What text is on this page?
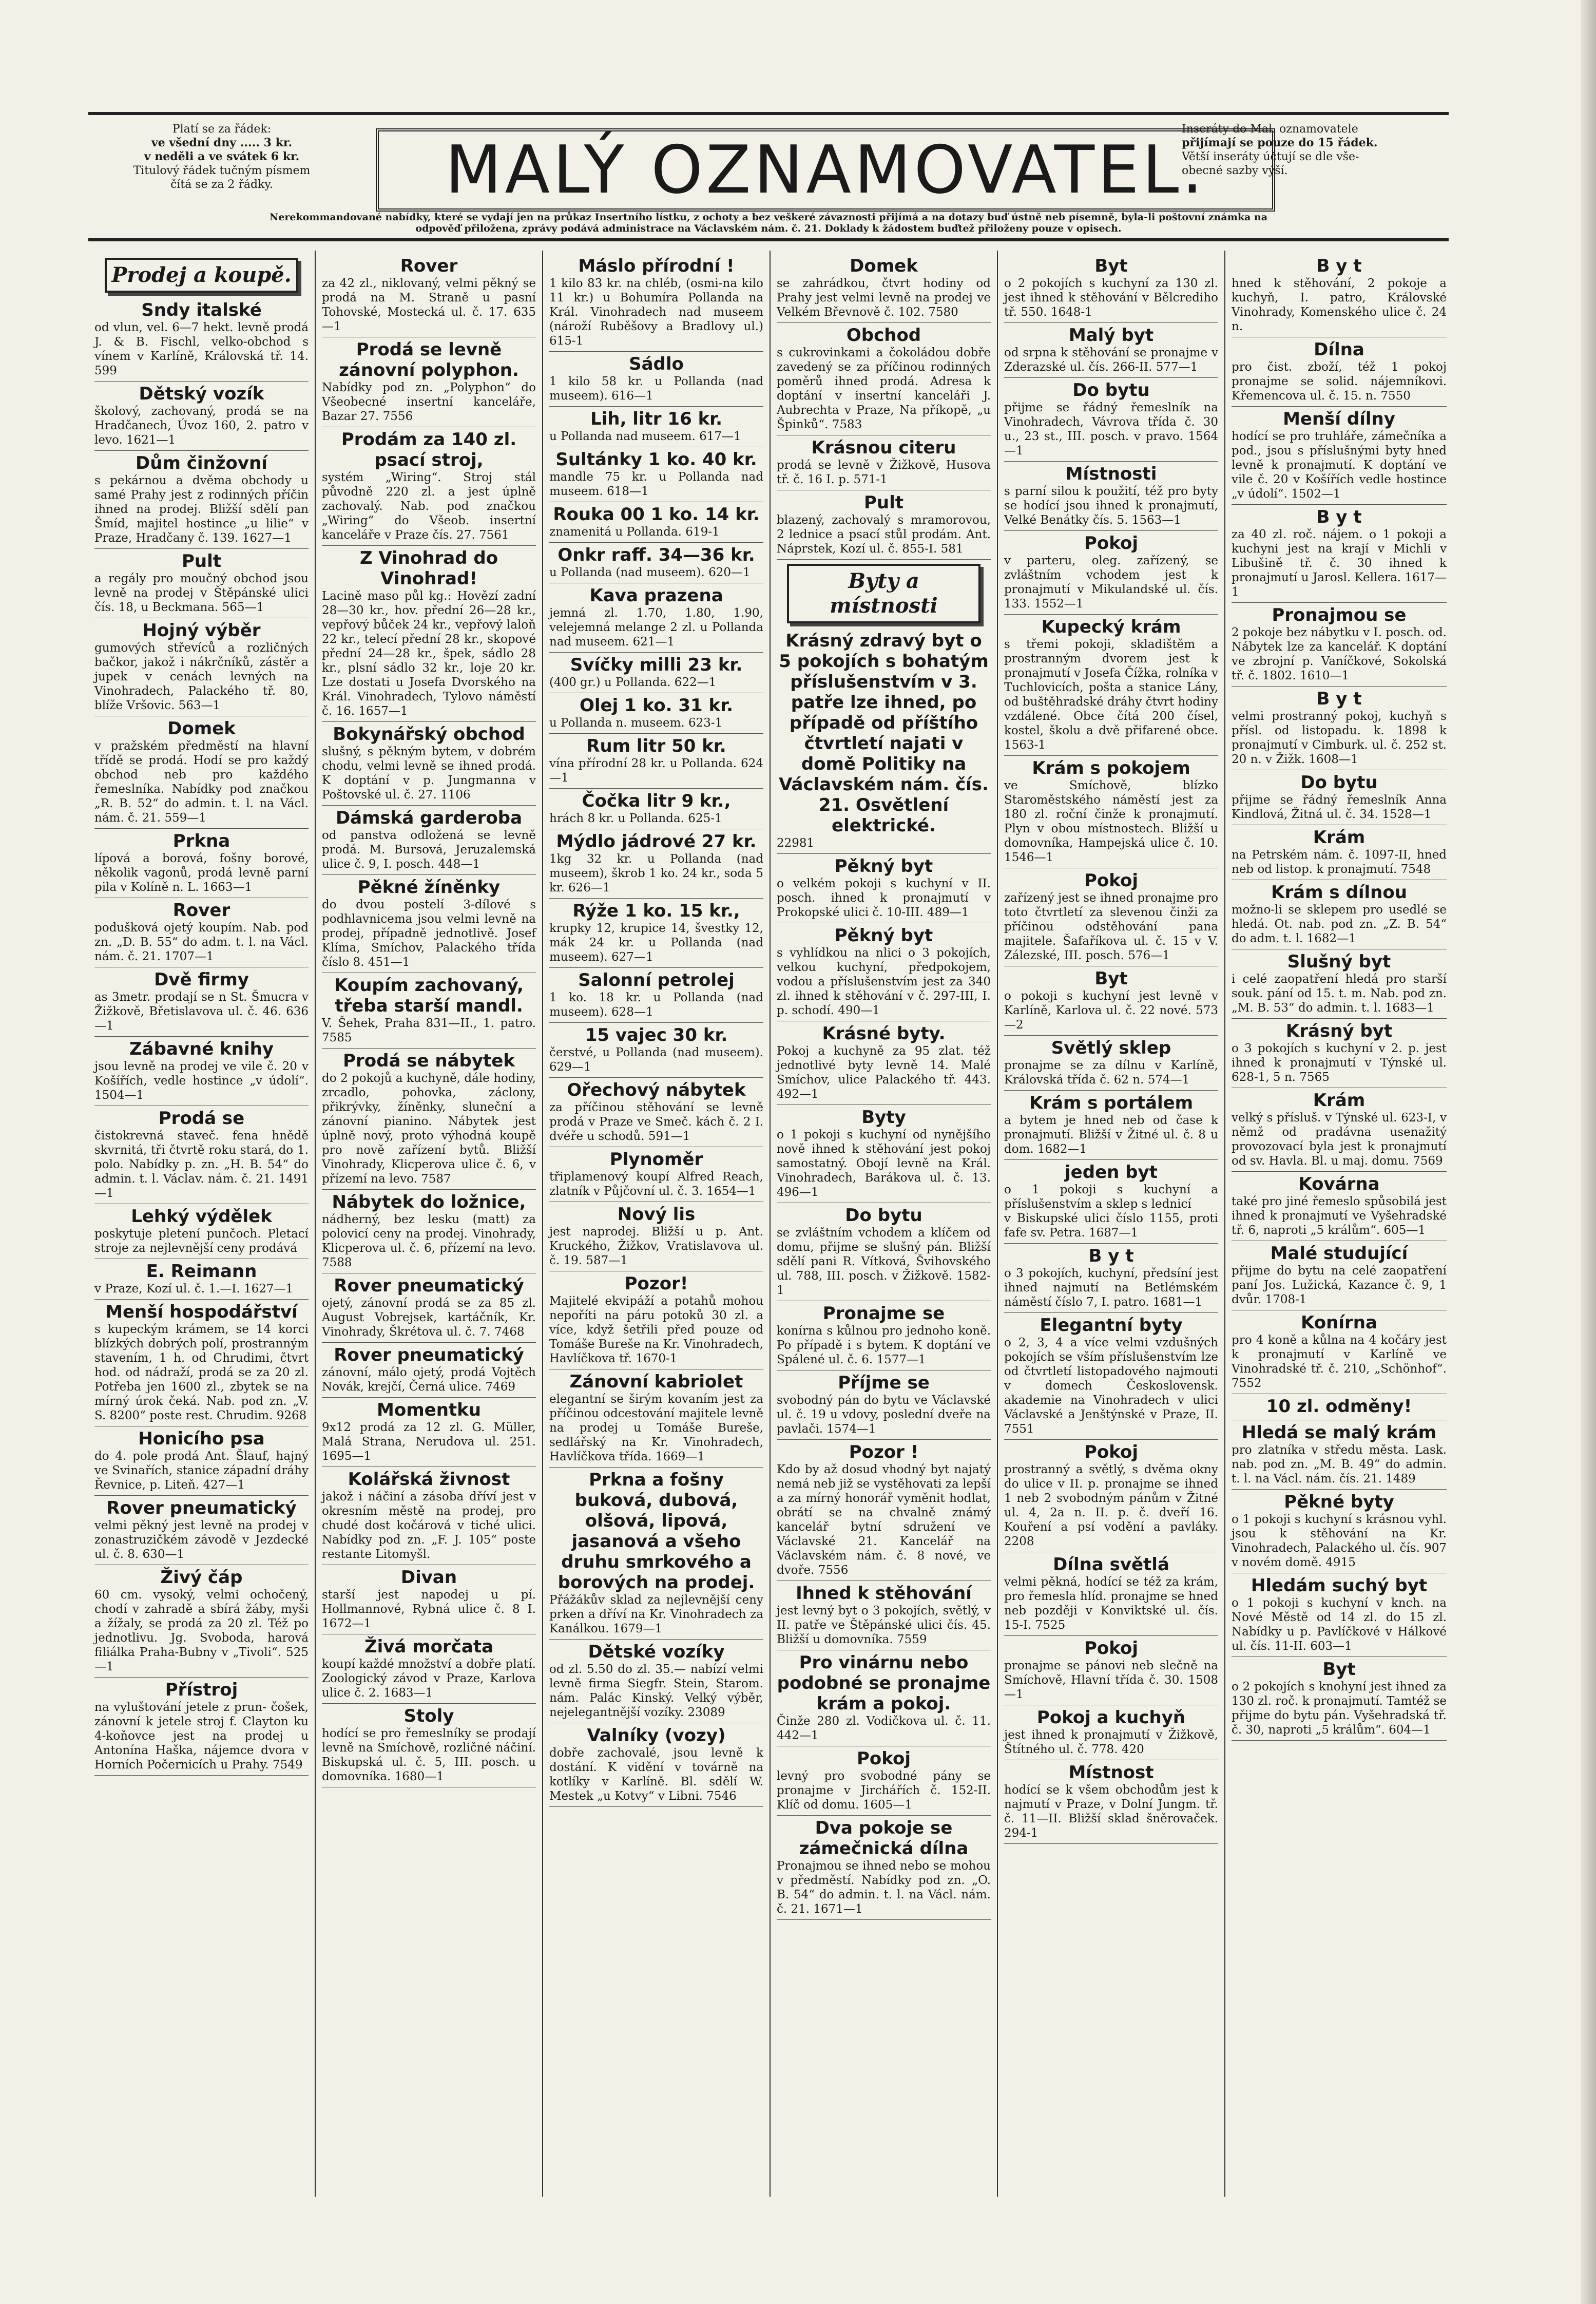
Platí se za řádek:
ve všední dny ..... 3 kr.
v neděli a ve svátek 6 kr.
Titulový řádek tučným písmem
čítá se za 2 řádky.	MALÝ OZNAMOVATEL.
Inseráty do Mal. oznamovatele
přijímají se pouze do 15 řádek.
Větší inseráty účtují se dle vše-
obecné sazby výší.
Nerekommandované nabídky, které se vydají jen na průkaz Insertního lístku, z ochoty a bez veškeré závaznosti přijímá a na dotazy buď ústně neb písemně, byla-li poštovní známka na
odpověď přiložena, zprávy podává administrace na Václavském nám. č. 21. Doklady k žádostem buďtež přiloženy pouze v opisech.
Prodej a koupě.
Sndy italské
od vlun, vel. 6—7 hekt. levně prodá J. & B. Fischl, velko-obchod s vínem v Karlíně, Královská tř. 14. 599
Dětský vozík
školový, zachovaný, prodá se na Hradčanech, Úvoz 160, 2. patro v levo. 1621—1
Dům činžovní
s pekárnou a dvěma obchody u samé Prahy jest z rodinných příčin ihned na prodej. Bližší sdělí pan Šmíd, majitel hostince „u lilie“ v Praze, Hradčany č. 139. 1627—1
Pult
a regály pro moučný obchod jsou levně na prodej v Štěpánské ulici čís. 18, u Beckmana. 565—1
Hojný výběr
gumových střevíců a rozličných bačkor, jakož i nákrčníků, zástěr a jupek v cenách levných na Vinohradech, Palackého tř. 80, blíže Vršovic. 563—1
Domek
v pražském předměstí na hlavní třídě se prodá. Hodí se pro každý obchod neb pro každého řemeslníka. Nabídky pod značkou „R. B. 52“ do admin. t. l. na Václ. nám. č. 21. 559—1
Prkna
lípová a borová, fošny borové, několik vagonů, prodá levně parní pila v Kolíně n. L. 1663—1
Rover
podušková ojetý koupím. Nab. pod zn. „D. B. 55“ do adm. t. l. na Václ. nám. č. 21. 1707—1
Dvě firmy
as 3metr. prodají se n St. Šmucra v Žižkově, Břetislavova ul. č. 46. 636—1
Zábavné knihy
jsou levně na prodej ve vile č. 20 v Košířích, vedle hostince „v údolí“. 1504—1
Prodá se
čistokrevná staveč. fena hnědě skvrnitá, tři čtvrtě roku stará, do 1. polo. Nabídky p. zn. „H. B. 54“ do admin. t. l. Václav. nám. č. 21. 1491—1
Lehký výdělek
poskytuje pletení punčoch. Pletací stroje za nejlevnější ceny prodává
E. Reimann
v Praze, Kozí ul. č. 1.—I. 1627—1
Menší hospodářství
s kupeckým krámem, se 14 korci blízkých dobrých polí, prostranným stavením, 1 h. od Chrudimi, čtvrt hod. od nádraží, prodá se za 20 zl. Potřeba jen 1600 zl., zbytek se na mírný úrok čeká. Nab. pod zn. „V. S. 8200“ poste rest. Chrudim. 9268
Honicího psa
do 4. pole prodá Ant. Šlauf, hajný ve Svinařích, stanice západní dráhy Řevnice, p. Liteň. 427—1
Rover pneumatický
velmi pěkný jest levně na prodej v zonastruzičkém závodě v Jezdecké ul. č. 8. 630—1
Živý čáp
60 cm. vysoký, velmi ochočený, chodí v zahradě a sbírá žáby, myši a žížaly, se prodá za 20 zl. Též po jednotlivu. Jg. Svoboda, harová filiálka Praha-Bubny v „Tivoli“. 525—1
Přístroj
na vyluštování jetele z prun- čošek, zánovní k jetele stroj f. Clayton ku 4-koňovce jest na prodej u Antonína Haška, nájemce dvora v Horních Počernicích u Prahy. 7549
Rover
za 42 zl., niklovaný, velmi pěkný se prodá na M. Straně u pasní Tohovské, Mostecká ul. č. 17. 635—1
Prodá se levně zánovní polyphon.
Nabídky pod zn. „Polyphon“ do Všeobecné insertní kanceláře, Bazar 27. 7556
Prodám za 140 zl. psací stroj,
systém „Wiring“. Stroj stál původně 220 zl. a jest úplně zachovalý. Nab. pod značkou „Wiring“ do Všeob. insertní kanceláře v Praze čís. 27. 7561
Z Vinohrad do Vinohrad!
Lacině maso půl kg.: Hovězí zadní 28—30 kr., hov. přední 26—28 kr., vepřový bůček 24 kr., vepřový laloň 22 kr., telecí přední 28 kr., skopové přední 24—28 kr., špek, sádlo 28 kr., plsní sádlo 32 kr., loje 20 kr. Lze dostati u Josefa Dvorského na Král. Vinohradech, Tylovo náměstí č. 16. 1657—1
Bokynářský obchod
slušný, s pěkným bytem, v dobrém chodu, velmi levně se ihned prodá. K doptání v p. Jungmanna v Poštovské ul. č. 27. 1106
Dámská garderoba
od panstva odložená se levně prodá. M. Bursová, Jeruzalemská ulice č. 9, I. posch. 448—1
Pěkné žíněnky
do dvou postelí 3-dílové s podhlavnicema jsou velmi levně na prodej, případně jednotlivě. Josef Klíma, Smíchov, Palackého třída číslo 8. 451—1
Koupím zachovaný, třeba starší mandl.
V. Šehek, Praha 831—II., 1. patro. 7585
Prodá se nábytek
do 2 pokojů a kuchyně, dále hodiny, zrcadlo, pohovka, záclony, přikrývky, žíněnky, sluneční a zánovní pianino. Nábytek jest úplně nový, proto výhodná koupě pro nově zařízení bytů. Bližší Vinohrady, Klicperova ulice č. 6, v přízemí na levo. 7587
Nábytek do ložnice,
nádherný, bez lesku (matt) za polovicí ceny na prodej. Vinohrady, Klicperova ul. č. 6, přízemí na levo. 7588
Rover pneumatický
ojetý, zánovní prodá se za 85 zl. August Vobrejsek, kartáčník, Kr. Vinohrady, Škrétova ul. č. 7. 7468
Rover pneumatický
zánovní, málo ojetý, prodá Vojtěch Novák, krejčí, Černá ulice. 7469
Momentku
9x12 prodá za 12 zl. G. Müller, Malá Strana, Nerudova ul. 251. 1695—1
Kolářská živnost
jakož i náčiní a zásoba dříví jest v okresním městě na prodej, pro chudé dost kočárová v tiché ulici. Nabídky pod zn. „F. J. 105“ poste restante Litomyšl.
Divan
starší jest napodej u pí. Hollmannové, Rybná ulice č. 8 I. 1672—1
Živá morčata
koupí každé množství a dobře platí. Zoologický závod v Praze, Karlova ulice č. 2. 1683—1
Stoly
hodící se pro řemeslníky se prodají levně na Smíchově, rozličné náčiní. Biskupská ul. č. 5, III. posch. u domovníka. 1680—1
Máslo přírodní !
1 kilo 83 kr. na chléb, (osmi-na kilo 11 kr.) u Bohumíra Pollanda na Král. Vinohradech nad museem (nároží Ruběšovy a Bradlovy ul.) 615-1
Sádlo
1 kilo 58 kr. u Pollanda (nad museem). 616—1
Lih, litr 16 kr.
u Pollanda nad museem. 617—1
Sultánky 1 ko. 40 kr.
mandle 75 kr. u Pollanda nad museem. 618—1
Rouka 00 1 ko. 14 kr.
znamenitá u Pollanda. 619-1
Onkr raff. 34—36 kr.
u Pollanda (nad museem). 620—1
Kava prazena
jemná zl. 1.70, 1.80, 1.90, velejemná melange 2 zl. u Pollanda nad museem. 621—1
Svíčky milli 23 kr.
(400 gr.) u Pollanda. 622—1
Olej 1 ko. 31 kr.
u Pollanda n. museem. 623-1
Rum litr 50 kr.
vína přírodní 28 kr. u Pollanda. 624—1
Čočka litr 9 kr.,
hrách 8 kr. u Pollanda. 625-1
Mýdlo jádrové 27 kr.
1kg 32 kr. u Pollanda (nad museem), škrob 1 ko. 24 kr., soda 5 kr. 626—1
Rýže 1 ko. 15 kr.,
krupky 12, krupice 14, švestky 12, mák 24 kr. u Pollanda (nad museem). 627—1
Salonní petrolej
1 ko. 18 kr. u Pollanda (nad museem). 628—1
15 vajec 30 kr.
čerstvé, u Pollanda (nad museem). 629—1
Ořechový nábytek
za příčinou stěhování se levně prodá v Praze ve Smeč. kách č. 2 I. dvéře u schodů. 591—1
Plynoměr
třiplamenový koupí Alfred Reach, zlatník v Půjčovní ul. č. 3. 1654—1
Nový lis
jest naprodej. Bližší u p. Ant. Kruckého, Žižkov, Vratislavova ul. č. 19. 587—1
Pozor!
Majitelé ekvipáží a potahů mohou nepoříti na páru potoků 30 zl. a více, když šetřili před pouze od Tomáše Bureše na Kr. Vinohradech, Havlíčkova tř. 1670-1
Zánovní kabriolet
elegantní se širým kovaním jest za příčinou odcestování majitele levně na prodej u Tomáše Bureše, sedlářský na Kr. Vinohradech, Havlíčkova třída. 1669—1
Prkna a fošny buková, dubová, olšová, lipová, jasanová a všeho druhu smrkového a borových na prodej.
Přážákův sklad za nejlevnější ceny prken a dříví na Kr. Vinohradech za Kanálkou. 1679—1
Dětské vozíky
od zl. 5.50 do zl. 35.— nabízí velmi levně firma Siegfr. Stein, Starom. nám. Palác Kinský. Velký výběr, nejelegantnější vozíky. 23089
Valníky (vozy)
dobře zachovalé, jsou levně k dostání. K vidění v továrně na kotlíky v Karlíně. Bl. sdělí W. Mestek „u Kotvy“ v Libni. 7546
Domek
se zahrádkou, čtvrt hodiny od Prahy jest velmi levně na prodej ve Velkém Břevnově č. 102. 7580
Obchod
s cukrovinkami a čokoládou dobře zavedený se za příčinou rodinných poměrů ihned prodá. Adresa k doptání v insertní kanceláři J. Aubrechta v Praze, Na příkopě, „u Špinků“. 7583
Krásnou citeru
prodá se levně v Žižkově, Husova tř. č. 16 I. p. 571-1
Pult
blazený, zachovalý s mramorovou, 2 lednice a psací stůl prodám. Ant. Náprstek, Kozí ul. č. 855-I. 581
Byty a místnosti
Krásný zdravý byt o 5 pokojích s bohatým příslušenstvím v 3. patře lze ihned, po případě od příštího čtvrtletí najati v domě Politiky na Václavském nám. čís. 21. Osvětlení elektrické.
22981
Pěkný byt
o velkém pokoji s kuchyní v II. posch. ihned k pronajmutí v Prokopské ulici č. 10-III. 489—1
Pěkný byt
s vyhlídkou na nlici o 3 pokojích, velkou kuchyní, předpokojem, vodou a příslušenstvím jest za 340 zl. ihned k stěhování v č. 297-III, I. p. schodí. 490—1
Krásné byty.
Pokoj a kuchyně za 95 zlat. též jednotlivé byty levně 14. Malé Smíchov, ulice Palackého tř. 443. 492—1
Byty
o 1 pokoji s kuchyní od nynějšího nově ihned k stěhování jest pokoj samostatný. Obojí levně na Král. Vinohradech, Barákova ul. č. 13. 496—1
Do bytu
se zvláštním vchodem a klíčem od domu, přijme se slušný pán. Bližší sdělí pani R. Vítková, Švihovského ul. 788, III. posch. v Žižkově. 1582-1
Pronajme se
konírna s kůlnou pro jednoho koně. Po případě i s bytem. K doptání ve Spálené ul. č. 6. 1577—1
Příjme se
svobodný pán do bytu ve Václavské ul. č. 19 u vdovy, poslední dveře na pavlači. 1574—1
Pozor !
Kdo by až dosud vhodný byt najatý nemá neb již se vystěhovati za lepší a za mírný honorář vyměnit hodlat, obrátí se na chvalně známý kancelář bytní sdružení ve Václavské 21. Kancelář na Václavském nám. č. 8 nové, ve dvoře. 7556
Ihned k stěhování
jest levný byt o 3 pokojích, světlý, v II. patře ve Štěpánské ulici čís. 45. Bližší u domovníka. 7559
Pro vinárnu nebo podobné se pronajme krám a pokoj.
Činže 280 zl. Vodičkova ul. č. 11. 442—1
Pokoj
levný pro svobodné pány se pronajme v Jirchářích č. 152-II. Klíč od domu. 1605—1
Dva pokoje se zámečnická dílna
Pronajmou se ihned nebo se mohou v předměstí. Nabídky pod zn. „O. B. 54“ do admin. t. l. na Václ. nám. č. 21. 1671—1
Byt
o 2 pokojích s kuchyní za 130 zl. jest ihned k stěhování v Bělcrediho tř. 550. 1648-1
Malý byt
od srpna k stěhování se pronajme v Zderazské ul. čís. 266-II. 577—1
Do bytu
přijme se řádný řemeslník na Vinohradech, Vávrova třída č. 30 u., 23 st., III. posch. v pravo. 1564—1
Místnosti
s parní silou k použití, též pro byty se hodící jsou ihned k pronajmutí, Velké Benátky čís. 5. 1563—1
Pokoj
v parteru, oleg. zařízený, se zvláštním vchodem jest k pronajmutí v Mikulandské ul. čís. 133. 1552—1
Kupecký krám
s třemi pokoji, skladištěm a prostranným dvorem jest k pronajmutí v Josefa Čížka, rolníka v Tuchlovicích, pošta a stanice Lány, od buštěhradské dráhy čtvrt hodiny vzdálené. Obce čítá 200 čísel, kostel, školu a dvě přifarené obce. 1563-1
Krám s pokojem
ve Smíchově, blízko Staroměstského náměstí jest za 180 zl. roční činže k pronajmutí. Plyn v obou místnostech. Bližší u domovníka, Hampejská ulice č. 10. 1546—1
Pokoj
zařízený jest se ihned pronajme pro toto čtvrtletí za slevenou činži za příčinou odstěhování pana majitele. Šafaříkova ul. č. 15 v V. Zálezské, III. posch. 576—1
Byt
o pokoji s kuchyní jest levně v Karlíně, Karlova ul. č. 22 nové. 573—2
Světlý sklep
pronajme se za dílnu v Karlíně, Královská třída č. 62 n. 574—1
Krám s portálem
a bytem je hned neb od čase k pronajmutí. Bližší v Žitné ul. č. 8 u dom. 1682—1
jeden byt
o 1 pokoji s kuchyní a příslušenstvím a sklep s lednicí
v Biskupské ulici číslo 1155, proti fafe sv. Petra. 1687—1
B y t
o 3 pokojích, kuchyní, předsíní jest ihned najmutí na Betlémském náměstí číslo 7, I. patro. 1681—1
Elegantní byty
o 2, 3, 4 a více velmi vzdušných pokojích se vším příslušenstvím lze od čtvrtletí listopadového najmouti v domech Československ. akademie na Vinohradech v ulici Václavské a Jenštýnské v Praze, II. 7551
Pokoj
prostranný a světlý, s dvěma okny do ulice v II. p. pronajme se ihned 1 neb 2 svobodným pánům v Žitné ul. 4, 2a n. II. p. č. dveří 16. Kouření a psí vodění a pavláky. 2208
Dílna světlá
velmi pěkná, hodící se též za krám, pro řemesla hlíd. pronajme se hned neb později v Konviktské ul. čís. 15-I. 7525
Pokoj
pronajme se pánovi neb slečně na Smíchově, Hlavní třída č. 30. 1508—1
Pokoj a kuchyň
jest ihned k pronajmutí v Žižkově, Štítného ul. č. 778. 420
Místnost
hodící se k všem obchodům jest k najmutí v Praze, v Dolní Jungm. tř. č. 11—II. Bližší sklad šněrovaček. 294-1
B y t
hned k stěhování, 2 pokoje a kuchyň, I. patro, Královské Vinohrady, Komenského ulice č. 24 n.
Dílna
pro čist. zboží, též 1 pokoj pronajme se solid. nájemníkovi. Křemencova ul. č. 15. n. 7550
Menší dílny
hodící se pro truhláře, zámečníka a pod., jsou s příslušnými byty hned levně k pronajmutí. K doptání ve vile č. 20 v Košířích vedle hostince „v údolí“. 1502—1
B y t
za 40 zl. roč. nájem. o 1 pokoji a kuchyni jest na krají v Michli v Libušině tř. č. 30 ihned k pronajmutí u Jarosl. Kellera. 1617—1
Pronajmou se
2 pokoje bez nábytku v I. posch. od. Nábytek lze za kancelář. K doptání ve zbrojní p. Vaníčkové, Sokolská tř. č. 1802. 1610—1
B y t
velmi prostranný pokoj, kuchyň s přísl. od listopadu. k. 1898 k pronajmutí v Cimburk. ul. č. 252 st. 20 n. v Žižk. 1608—1
Do bytu
přijme se řádný řemeslník Anna Kindlová, Žitná ul. č. 34. 1528—1
Krám
na Petrském nám. č. 1097-II, hned neb od listop. k pronajmutí. 7548
Krám s dílnou
možno-li se sklepem pro usedlé se hledá. Ot. nab. pod zn. „Z. B. 54“ do adm. t. l. 1682—1
Slušný byt
i celé zaopatření hledá pro starší souk. pání od 15. t. m. Nab. pod zn. „M. B. 53“ do admin. t. l. 1683—1
Krásný byt
o 3 pokojích s kuchyní v 2. p. jest ihned k pronajmutí v Týnské ul. 628-1, 5 n. 7565
Krám
velký s přísluš. v Týnské ul. 623-I, v němž od pradávna usenažitý provozovací byla jest k pronajmutí od sv. Havla. Bl. u maj. domu. 7569
Kovárna
také pro jiné řemeslo spůsobilá jest ihned k pronajmutí ve Vyšehradské tř. 6, naproti „5 králům“. 605—1
Malé studující
přijme do bytu na celé zaopatření paní Jos. Lužická, Kazance č. 9, 1 dvůr. 1708-1
Konírna
pro 4 koně a kůlna na 4 kočáry jest k pronajmutí v Karlíně ve Vinohradské tř. č. 210, „Schönhof“. 7552
10 zl. odměny!
Hledá se malý krám
pro zlatníka v středu města. Lask. nab. pod zn. „M. B. 49“ do admin. t. l. na Václ. nám. čís. 21. 1489
Pěkné byty
o 1 pokoji s kuchyní s krásnou vyhl. jsou k stěhování na Kr. Vinohradech, Palackého ul. čís. 907 v novém domě. 4915
Hledám suchý byt
o 1 pokoji s kuchyní v knch. na Nové Městě od 14 zl. do 15 zl. Nabídky u p. Pavlíčkové v Hálkové ul. čís. 11-II. 603—1
Byt
o 2 pokojích s knohyní jest ihned za 130 zl. roč. k pronajmutí. Tamtéž se přijme do bytu pán. Vyšehradská tř. č. 30, naproti „5 králům“. 604—1
